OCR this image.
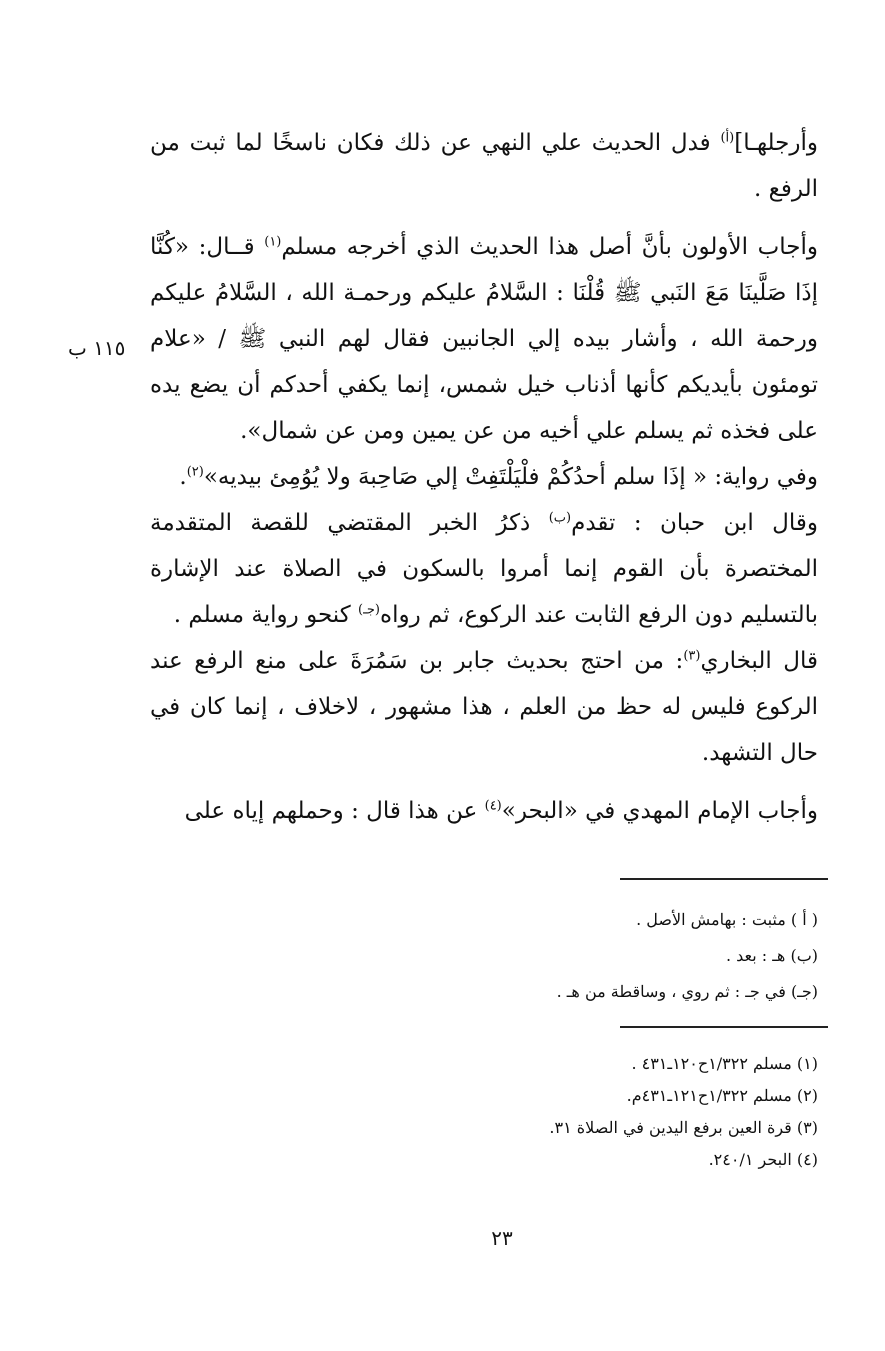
وأرجلهـا]$^{(أ)}$ فدل الحديث علي النهي عن ذلك فكان ناسخًا لما ثبت من الرفع .

وأجاب الأولون بأنَّ أصل هذا الحديث الذي أخرجه مسلم$^{(١)}$ قــال: «كُنَّا إذَا صَلَّينَا مَعَ النَبي ﷺ قُلْنَا : السَّلامُ عليكم ورحمـة الله ، السَّلامُ عليكم ورحمة الله ، وأشار بيده إلي الجانبين فقال لهم النبي ﷺ / «علام تومئون بأيديكم كأنها أذناب خيل شمس، إنما يكفي أحدكم أن يضع يده على فخذه ثم يسلم علي أخيه من عن يمين ومن عن شمال».

وفي رواية: « إذَا سلم أحدُكُمْ فلْيَلْتَفِتْ إلي صَاحِبهَ ولا يُوُمِئ بيديه»$^{(٢)}$.

وقال ابن حبان : تقدم$^{(ب)}$ ذكرُ الخبر المقتضي للقصة المتقدمة المختصرة بأن القوم إنما أمروا بالسكون في الصلاة عند الإشارة بالتسليم دون الرفع الثابت عند الركوع، ثم رواه$^{(جـ)}$ كنحو رواية مسلم .

قال البخاري$^{(٣)}$: من احتج بحديث جابر بن سَمُرَةَ على منع الرفع عند الركوع فليس له حظ من العلم ، هذا مشهور ، لاخلاف ، إنما كان في حال التشهد.

وأجاب الإمام المهدي في «البحر»$^{(٤)}$ عن هذا قال : وحملهم إياه على

١١٥ ب
( أ ) مثبت : بهامش الأصل .
(ب) هـ : بعد .
(جـ) في جـ : ثم روي ، وساقطة من هـ .
(١) مسلم ١/٣٢٢ح١٢٠ـ٤٣١ .
(٢) مسلم ١/٣٢٢ح١٢١ـ٤٣١م.
(٣) قرة العين برفع اليدين في الصلاة ٣١.
(٤) البحر ٢٤٠/١.
٢٣
